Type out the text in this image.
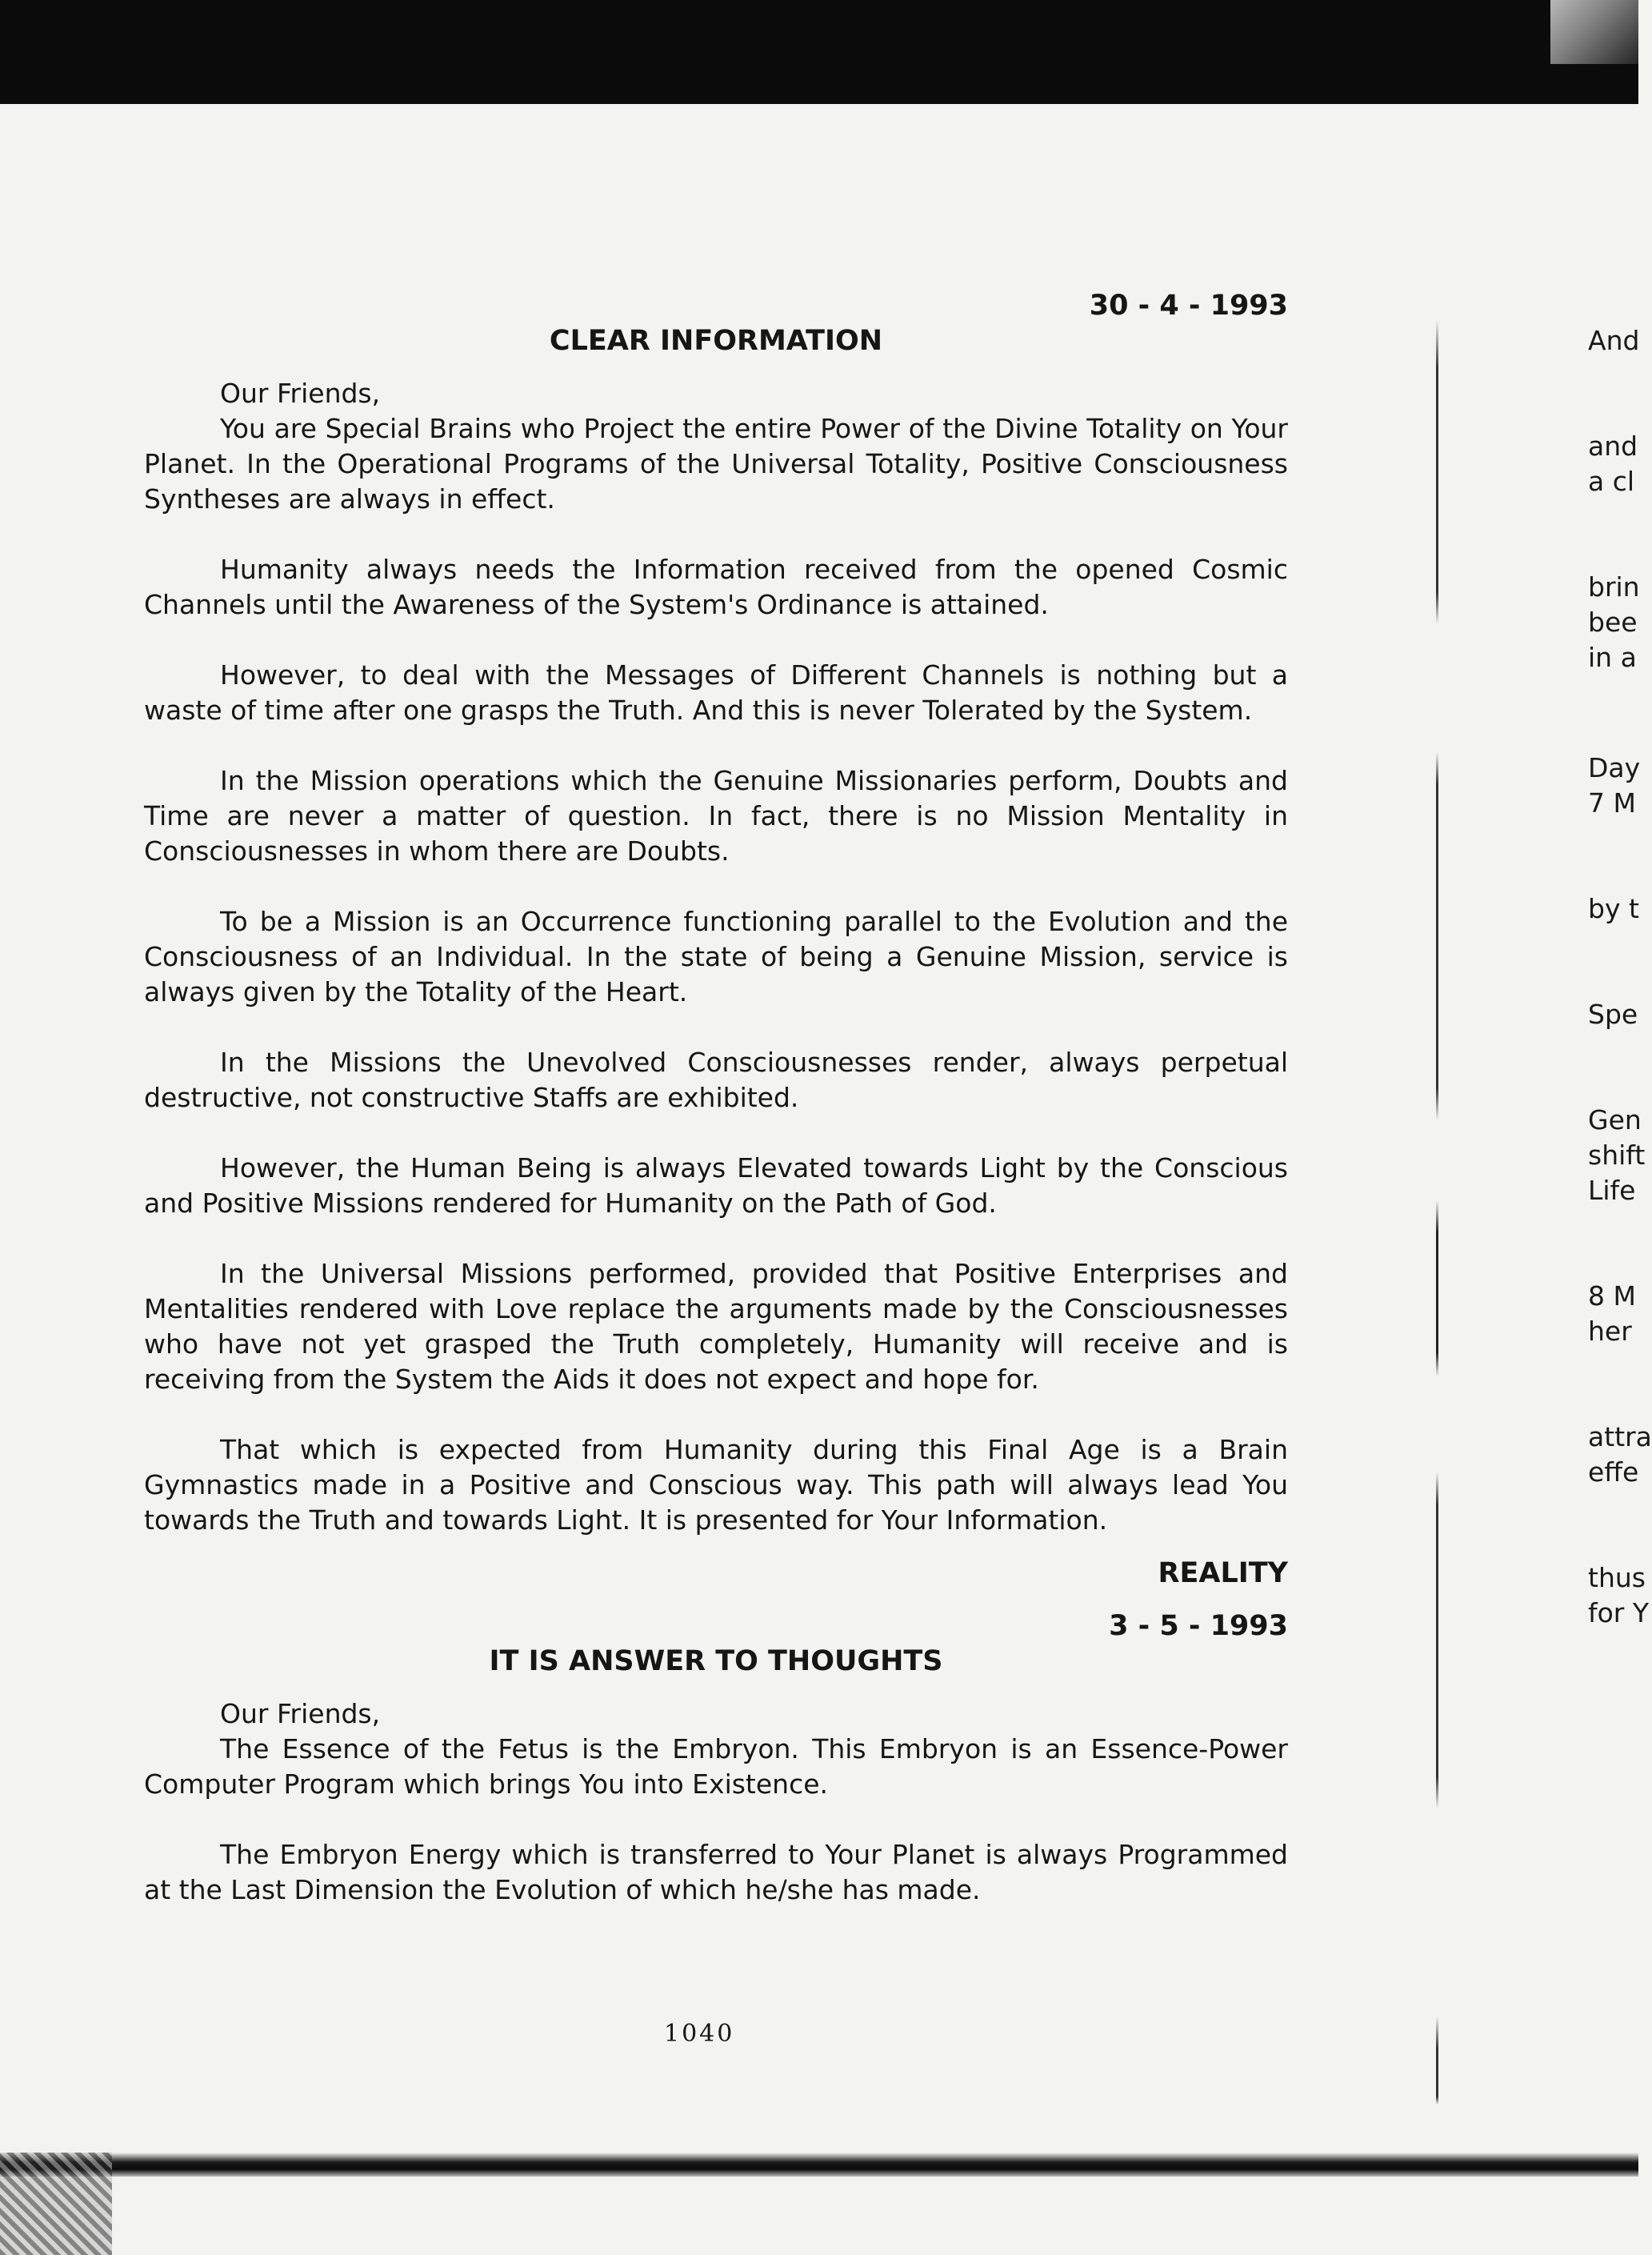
30 - 4 - 1993
CLEAR INFORMATION

Our Friends,

You are Special Brains who Project the entire Power of the Divine Totality on Your Planet. In the Operational Programs of the Universal Totality, Positive Consciousness Syntheses are always in effect.

Humanity always needs the Information received from the opened Cosmic Channels until the Awareness of the System's Ordinance is attained.

However, to deal with the Messages of Different Channels is nothing but a waste of time after one grasps the Truth. And this is never Tolerated by the System.

In the Mission operations which the Genuine Missionaries perform, Doubts and Time are never a matter of question. In fact, there is no Mission Mentality in Consciousnesses in whom there are Doubts.

To be a Mission is an Occurrence functioning parallel to the Evolution and the Consciousness of an Individual. In the state of being a Genuine Mission, service is always given by the Totality of the Heart.

In the Missions the Unevolved Consciousnesses render, always perpetual destructive, not constructive Staffs are exhibited.

However, the Human Being is always Elevated towards Light by the Conscious and Positive Missions rendered for Humanity on the Path of God.

In the Universal Missions performed, provided that Positive Enterprises and Mentalities rendered with Love replace the arguments made by the Consciousnesses who have not yet grasped the Truth completely, Humanity will receive and is receiving from the System the Aids it does not expect and hope for.

That which is expected from Humanity during this Final Age is a Brain Gymnastics made in a Positive and Conscious way. This path will always lead You towards the Truth and towards Light. It is presented for Your Information.

REALITY
3 - 5 - 1993
IT IS ANSWER TO THOUGHTS

Our Friends,

The Essence of the Fetus is the Embryon. This Embryon is an Essence-Power Computer Program which brings You into Existence.

The Embryon Energy which is transferred to Your Planet is always Programmed at the Last Dimension the Evolution of which he/she has made.

1040
And
and
a cl
brin
bee
in a
Day
7 M
by t
Spe
Gen
shift
Life
8 M
her
attra
effe
thus
for Y
